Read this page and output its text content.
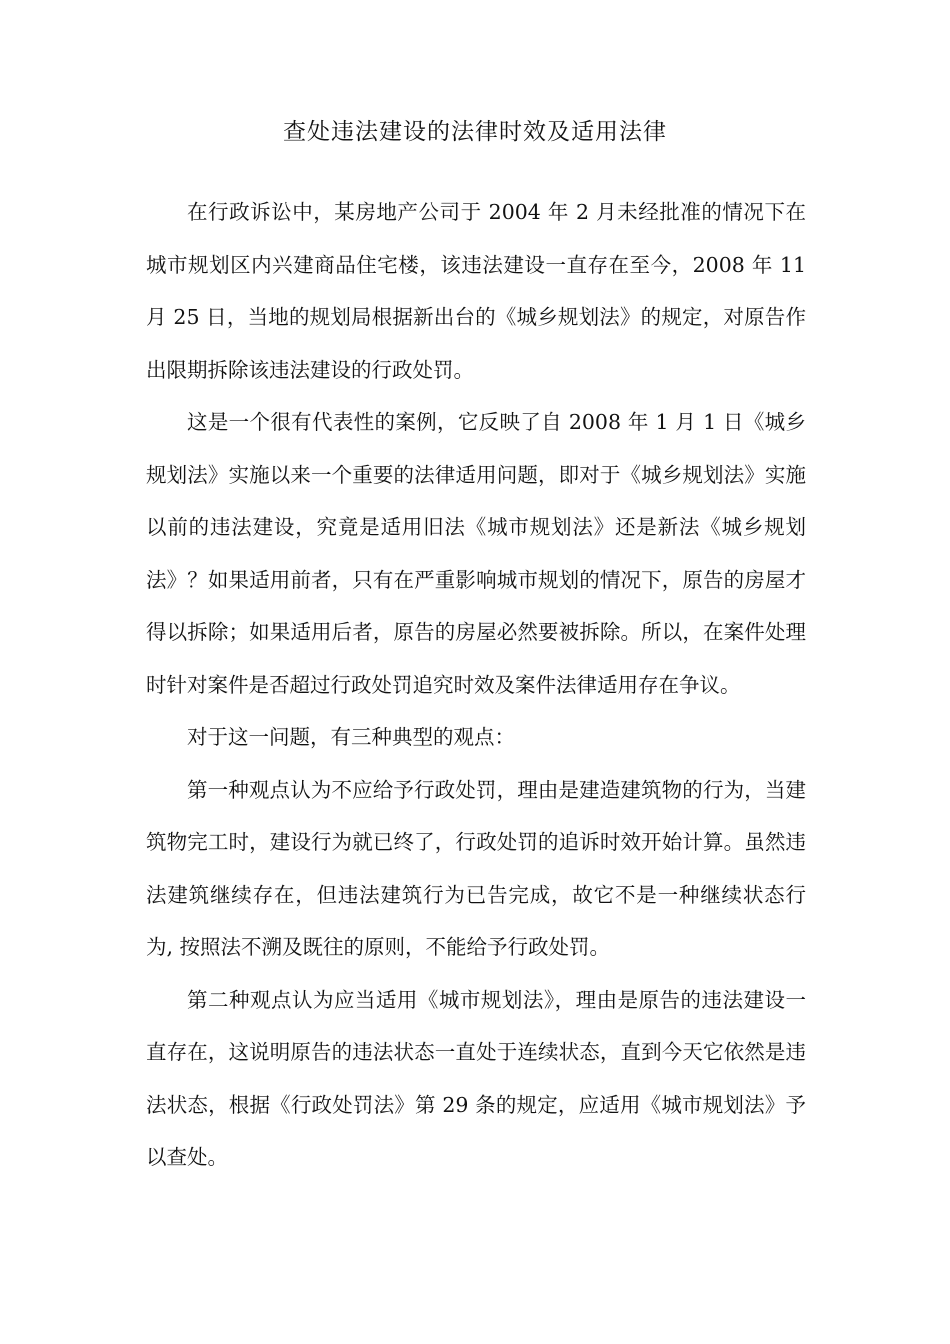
查处违法建设的法律时效及适用法律

在行政诉讼中，某房地产公司于 2004 年 2 月未经批准的情况下在城市规划区内兴建商品住宅楼，该违法建设一直存在至今，2008 年 11 月 25 日，当地的规划局根据新出台的《城乡规划法》的规定，对原告作出限期拆除该违法建设的行政处罚。

这是一个很有代表性的案例，它反映了自 2008 年 1 月 1 日《城乡规划法》实施以来一个重要的法律适用问题，即对于《城乡规划法》实施以前的违法建设，究竟是适用旧法《城市规划法》还是新法《城乡规划法》？如果适用前者，只有在严重影响城市规划的情况下，原告的房屋才得以拆除；如果适用后者，原告的房屋必然要被拆除。所以，在案件处理时针对案件是否超过行政处罚追究时效及案件法律适用存在争议。

对于这一问题，有三种典型的观点：

第一种观点认为不应给予行政处罚，理由是建造建筑物的行为，当建筑物完工时，建设行为就已终了，行政处罚的追诉时效开始计算。虽然违法建筑继续存在，但违法建筑行为已告完成，故它不是一种继续状态行为, 按照法不溯及既往的原则，不能给予行政处罚。

第二种观点认为应当适用《城市规划法》，理由是原告的违法建设一直存在，这说明原告的违法状态一直处于连续状态，直到今天它依然是违法状态，根据《行政处罚法》第 29 条的规定，应适用《城市规划法》予以查处。
